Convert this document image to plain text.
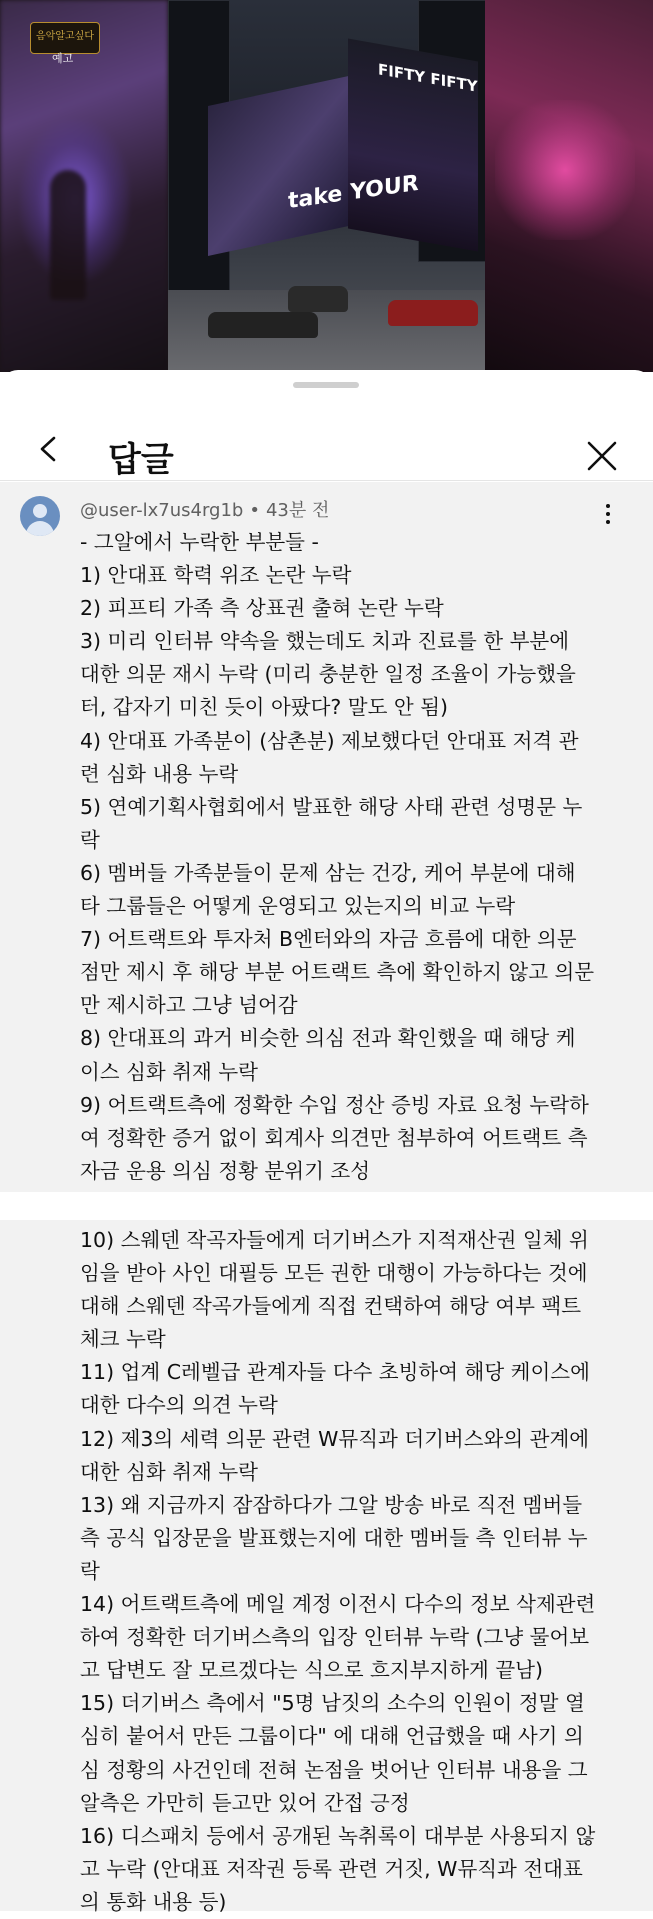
FIFTY FIFTY
take YOUR
음악알고싶다
예고
답글
@user-lx7us4rg1b • 43분 전
- 그알에서 누락한 부분들 -
1) 안대표 학력 위조 논란 누락
2) 피프티 가족 측 상표권 출혀 논란 누락
3) 미리 인터뷰 약속을 했는데도 치과 진료를 한 부분에
대한 의문 재시 누락 (미리 충분한 일정 조율이 가능했을
터, 갑자기 미친 듯이 아팠다? 말도 안 됨)
4) 안대표 가족분이 (삼촌분) 제보했다던 안대표 저격 관
련 심화 내용 누락
5) 연예기획사협회에서 발표한 해당 사태 관련 성명문 누
락
6) 멤버들 가족분들이 문제 삼는 건강, 케어 부분에 대해
타 그룹들은 어떻게 운영되고 있는지의 비교 누락
7) 어트랙트와 투자처 B엔터와의 자금 흐름에 대한 의문
점만 제시 후 해당 부분 어트랙트 측에 확인하지 않고 의문
만 제시하고 그냥 넘어감
8) 안대표의 과거 비슷한 의심 전과 확인했을 때 해당 케
이스 심화 취재 누락
9) 어트랙트측에 정확한 수입 정산 증빙 자료 요청 누락하
여 정확한 증거 없이 회계사 의견만 첨부하여 어트랙트 측
자금 운용 의심 정황 분위기 조성
10) 스웨덴 작곡자들에게 더기버스가 지적재산권 일체 위
임을 받아 사인 대필등 모든 권한 대행이 가능하다는 것에
대해 스웨덴 작곡가들에게 직접 컨택하여 해당 여부 팩트
체크 누락
11) 업계 C레벨급 관계자들 다수 초빙하여 해당 케이스에
대한 다수의 의견 누락
12) 제3의 세력 의문 관련 W뮤직과 더기버스와의 관계에
대한 심화 취재 누락
13) 왜 지금까지 잠잠하다가 그알 방송 바로 직전 멤버들
측 공식 입장문을 발표했는지에 대한 멤버들 측 인터뷰 누
락
14) 어트랙트측에 메일 계정 이전시 다수의 정보 삭제관련
하여 정확한 더기버스측의 입장 인터뷰 누락 (그냥 물어보
고 답변도 잘 모르겠다는 식으로 흐지부지하게 끝남)
15) 더기버스 측에서 "5명 남짓의 소수의 인원이 정말 열
심히 붙어서 만든 그룹이다" 에 대해 언급했을 때 사기 의
심 정황의 사건인데 전혀 논점을 벗어난 인터뷰 내용을 그
알측은 가만히 듣고만 있어 간접 긍정
16) 디스패치 등에서 공개된 녹취록이 대부분 사용되지 않
고 누락 (안대표 저작권 등록 관련 거짓, W뮤직과 전대표
의 통화 내용 등)
